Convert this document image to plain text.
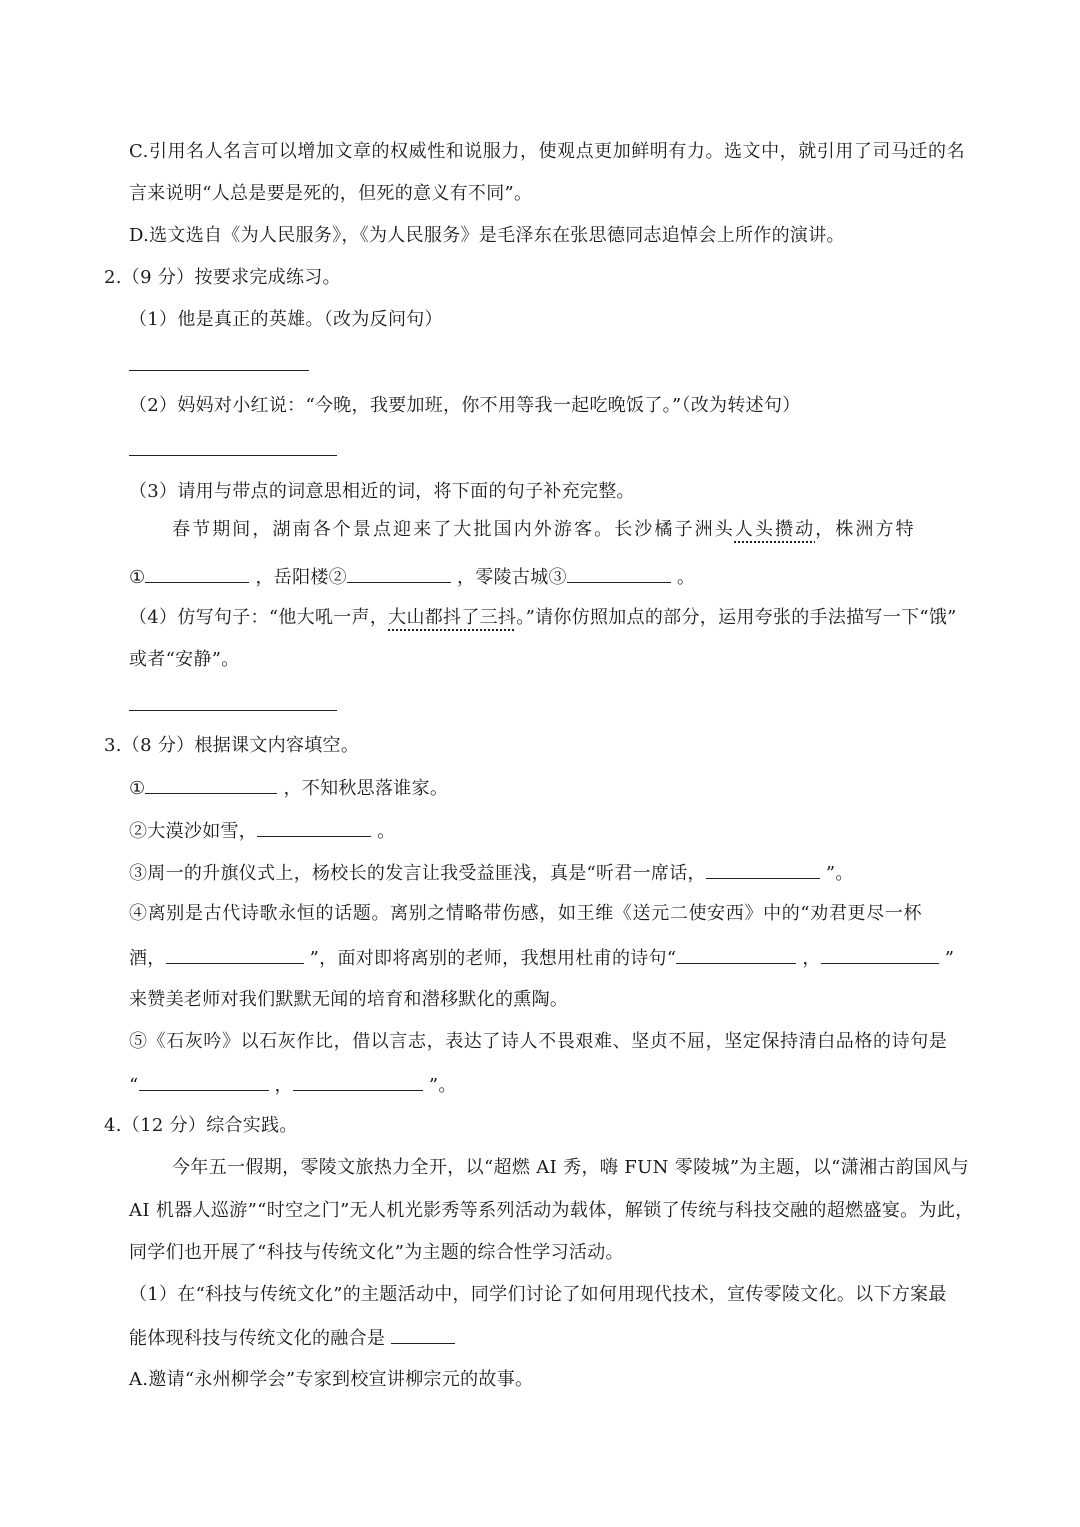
C.引用名人名言可以增加文章的权威性和说服力，使观点更加鲜明有力。选文中，就引用了司马迁的名
言来说明“人总是要是死的，但死的意义有不同”。
D.选文选自《为人民服务》，《为人民服务》是毛泽东在张思德同志追悼会上所作的演讲。
2.（9 分）按要求完成练习。
（1）他是真正的英雄。（改为反问句）
（2）妈妈对小红说：“今晚，我要加班，你不用等我一起吃晚饭了。”（改为转述句）
（3）请用与带点的词意思相近的词，将下面的句子补充完整。
春节期间，湖南各个景点迎来了大批国内外游客。长沙橘子洲头人头攒动，株洲方特
①	，岳阳楼②	，零陵古城③	。
（4）仿写句子：“他大吼一声，大山都抖了三抖。”请你仿照加点的部分，运用夸张的手法描写一下“饿”
或者“安静”。
3.（8 分）根据课文内容填空。
①	，不知秋思落谁家。
②大漠沙如雪，	。
③周一的升旗仪式上，杨校长的发言让我受益匪浅，真是“听君一席话，	”。
④离别是古代诗歌永恒的话题。离别之情略带伤感，如王维《送元二使安西》中的“劝君更尽一杯
酒，	”，面对即将离别的老师，我想用杜甫的诗句“	，	”
来赞美老师对我们默默无闻的培育和潜移默化的熏陶。
⑤《石灰吟》以石灰作比，借以言志，表达了诗人不畏艰难、坚贞不屈，坚定保持清白品格的诗句是
“	，	”。
4.（12 分）综合实践。
今年五一假期，零陵文旅热力全开，以“超燃 AI 秀，嗨 FUN 零陵城”为主题，以“潇湘古韵国风与
AI 机器人巡游”“时空之门”无人机光影秀等系列活动为载体，解锁了传统与科技交融的超燃盛宴。为此，
同学们也开展了“科技与传统文化”为主题的综合性学习活动。
（1）在“科技与传统文化”的主题活动中，同学们讨论了如何用现代技术，宣传零陵文化。以下方案最
能体现科技与传统文化的融合是
A.邀请“永州柳学会”专家到校宣讲柳宗元的故事。
